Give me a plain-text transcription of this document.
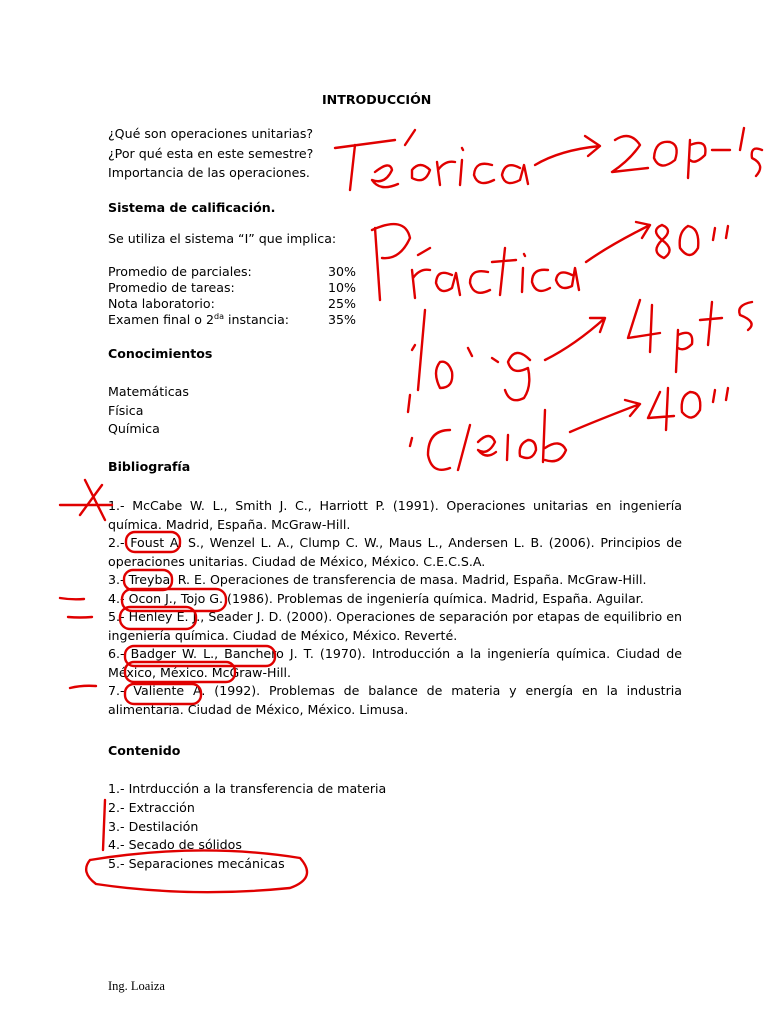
INTRODUCCIÓN
¿Qué son operaciones unitarias?
¿Por qué esta en este semestre?
Importancia de las operaciones.
Sistema de calificación.
Se utiliza el sistema “I” que implica:
Promedio de parciales:	30%
Promedio de tareas:	10%
Nota laboratorio:	25%
Examen final o $2^{da}$ instancia:	35%
Conocimientos
Matemáticas
Física
Química
Bibliografía
1.- McCabe W. L., Smith J. C., Harriott P. (1991). Operaciones unitarias en ingeniería química. Madrid, España. McGraw-Hill.
2.- Foust A. S., Wenzel L. A., Clump C. W., Maus L., Andersen L. B. (2006). Principios de operaciones unitarias. Ciudad de México, México. C.E.C.S.A.
3.- Treybal R. E. Operaciones de transferencia de masa. Madrid, España. McGraw-Hill.
4.- Ocon J., Tojo G. (1986). Problemas de ingeniería química. Madrid, España. Aguilar.
5.- Henley E. J., Seader J. D. (2000). Operaciones de separación por etapas de equilibrio en ingeniería química. Ciudad de México, México. Reverté.
6.- Badger W. L., Banchero J. T. (1970). Introducción a la ingeniería química. Ciudad de México, México. McGraw-Hill.
7.- Valiente A. (1992). Problemas de balance de materia y energía en la industria alimentaria. Ciudad de México, México. Limusa.
Contenido
1.- Intrducción a la transferencia de materia
2.- Extracción
3.- Destilación
4.- Secado de sólidos
5.- Separaciones mecánicas
Ing. Loaiza
